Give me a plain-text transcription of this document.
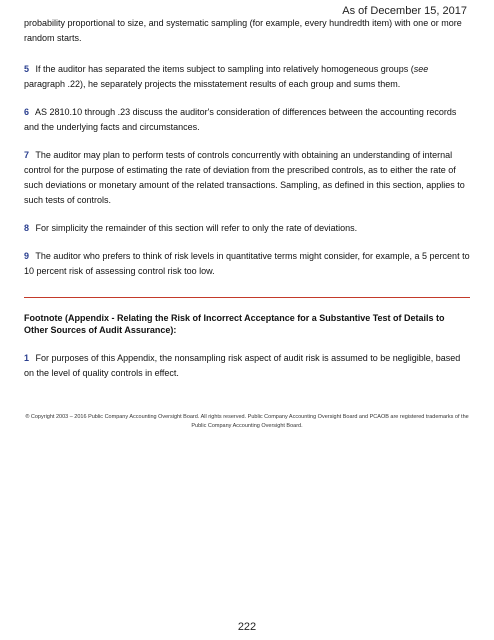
As of December 15, 2017

probability proportional to size, and systematic sampling (for example, every hundredth item) with one or more random starts.

5 If the auditor has separated the items subject to sampling into relatively homogeneous groups (see paragraph .22), he separately projects the misstatement results of each group and sums them.

6 AS 2810.10 through .23 discuss the auditor's consideration of differences between the accounting records and the underlying facts and circumstances.

7 The auditor may plan to perform tests of controls concurrently with obtaining an understanding of internal control for the purpose of estimating the rate of deviation from the prescribed controls, as to either the rate of such deviations or monetary amount of the related transactions. Sampling, as defined in this section, applies to such tests of controls.

8 For simplicity the remainder of this section will refer to only the rate of deviations.

9 The auditor who prefers to think of risk levels in quantitative terms might consider, for example, a 5 percent to 10 percent risk of assessing control risk too low.

Footnote (Appendix - Relating the Risk of Incorrect Acceptance for a Substantive Test of Details to Other Sources of Audit Assurance):

1 For purposes of this Appendix, the nonsampling risk aspect of audit risk is assumed to be negligible, based on the level of quality controls in effect.

® Copyright 2003 – 2016 Public Company Accounting Oversight Board. All rights reserved. Public Company Accounting Oversight Board and PCAOB are registered trademarks of the Public Company Accounting Oversight Board.
222
